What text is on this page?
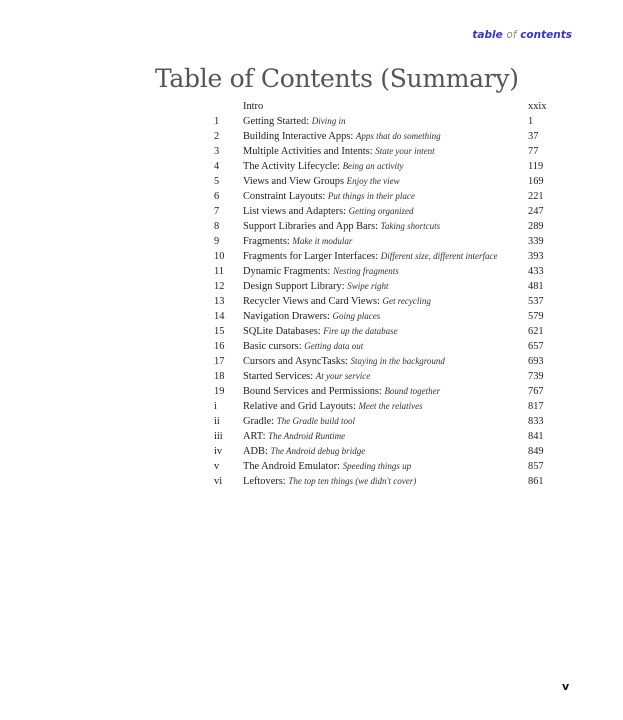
table of contents
Table of Contents (Summary)
Intro	xxix
1 Getting Started: Diving in	1
2 Building Interactive Apps: Apps that do something	37
3 Multiple Activities and Intents: State your intent	77
4 The Activity Lifecycle: Being an activity	119
5 Views and View Groups Enjoy the view	169
6 Constraint Layouts: Put things in their place	221
7 List views and Adapters: Getting organized	247
8 Support Libraries and App Bars: Taking shortcuts	289
9 Fragments: Make it modular	339
10 Fragments for Larger Interfaces: Different size, different interface	393
11 Dynamic Fragments: Nesting fragments	433
12 Design Support Library: Swipe right	481
13 Recycler Views and Card Views: Get recycling	537
14 Navigation Drawers: Going places	579
15 SQLite Databases: Fire up the database	621
16 Basic cursors: Getting data out	657
17 Cursors and AsyncTasks: Staying in the background	693
18 Started Services: At your service	739
19 Bound Services and Permissions: Bound together	767
i	Relative and Grid Layouts: Meet the relatives	817
ii Gradle: The Gradle build tool	833
iii ART: The Android Runtime	841
iv ADB: The Android debug bridge	849
v The Android Emulator: Speeding things up	857
vi Leftovers: The top ten things (we didn't cover)	861
v
